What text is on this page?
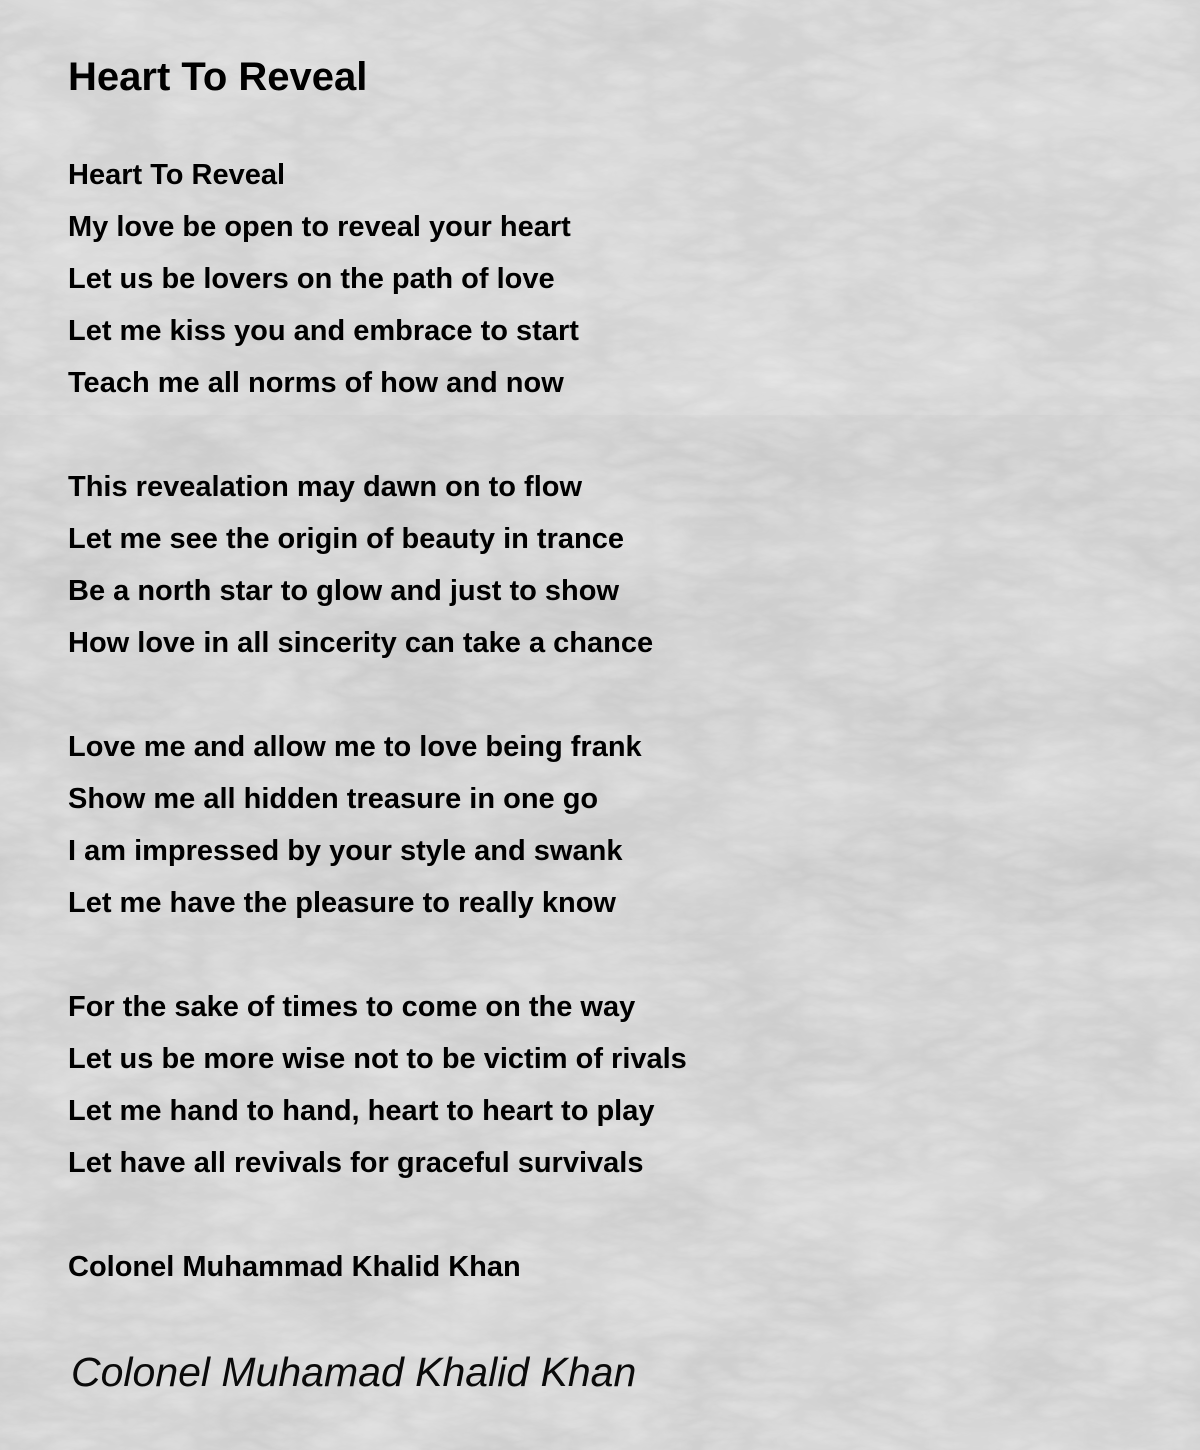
Heart To Reveal
Heart To Reveal
My love be open to reveal your heart
Let us be lovers on the path of love
Let me kiss you and embrace to start
Teach me all norms of how and now
This revealation may dawn on to flow
Let me see the origin of beauty in trance
Be a north star to glow and just to show
How love in all sincerity can take a chance
Love me and allow me to love being frank
Show me all hidden treasure in one go
I am impressed by your style and swank
Let me have the pleasure to really know
For the sake of times to come on the way
Let us be more wise not to be victim of rivals
Let me hand to hand, heart to heart to play
Let have all revivals for graceful survivals
Colonel Muhammad Khalid Khan
Colonel Muhamad Khalid Khan
